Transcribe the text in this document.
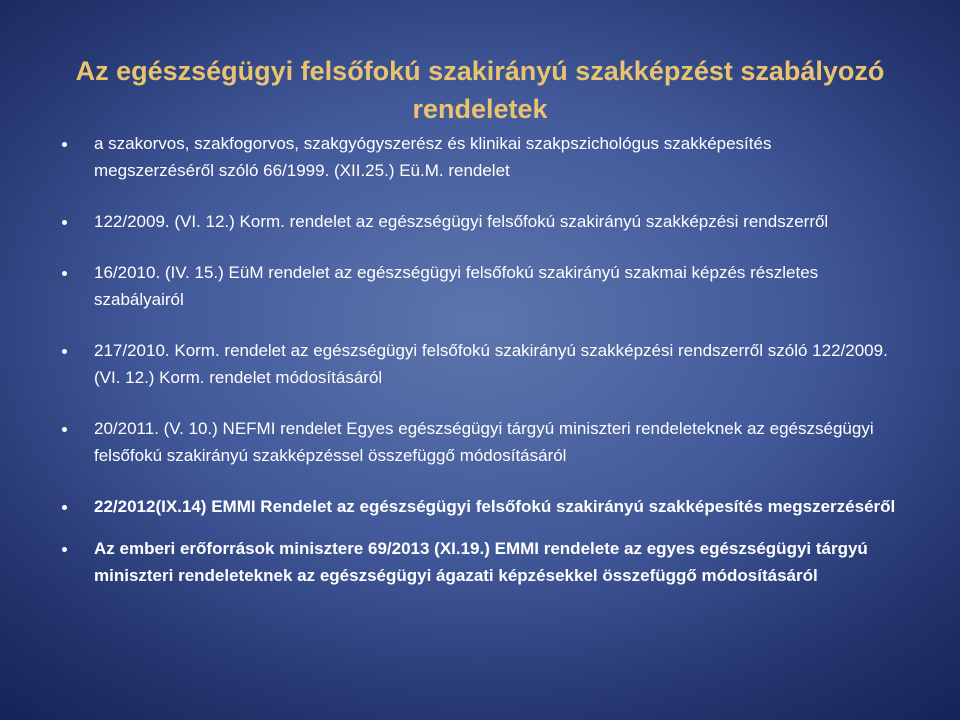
Az egészségügyi felsőfokú szakirányú szakképzést szabályozó rendeletek
a szakorvos, szakfogorvos, szakgyógyszerész és klinikai szakpszichológus szakképesítés megszerzéséről szóló 66/1999. (XII.25.) Eü.M. rendelet
122/2009. (VI. 12.) Korm. rendelet az egészségügyi felsőfokú szakirányú szakképzési rendszerről
16/2010. (IV. 15.) EüM rendelet az egészségügyi felsőfokú szakirányú szakmai képzés részletes szabályairól
217/2010. Korm. rendelet az egészségügyi felsőfokú szakirányú szakképzési rendszerről szóló 122/2009. (VI. 12.) Korm. rendelet módosításáról
20/2011. (V. 10.) NEFMI rendelet Egyes egészségügyi tárgyú miniszteri rendeleteknek az egészségügyi felsőfokú szakirányú szakképzéssel összefüggő módosításáról
22/2012(IX.14) EMMI Rendelet az egészségügyi felsőfokú szakirányú szakképesítés megszerzéséről
Az emberi erőforrások minisztere 69/2013 (XI.19.) EMMI rendelete az egyes egészségügyi tárgyú miniszteri rendeleteknek az egészségügyi ágazati képzésekkel összefüggő módosításáról
